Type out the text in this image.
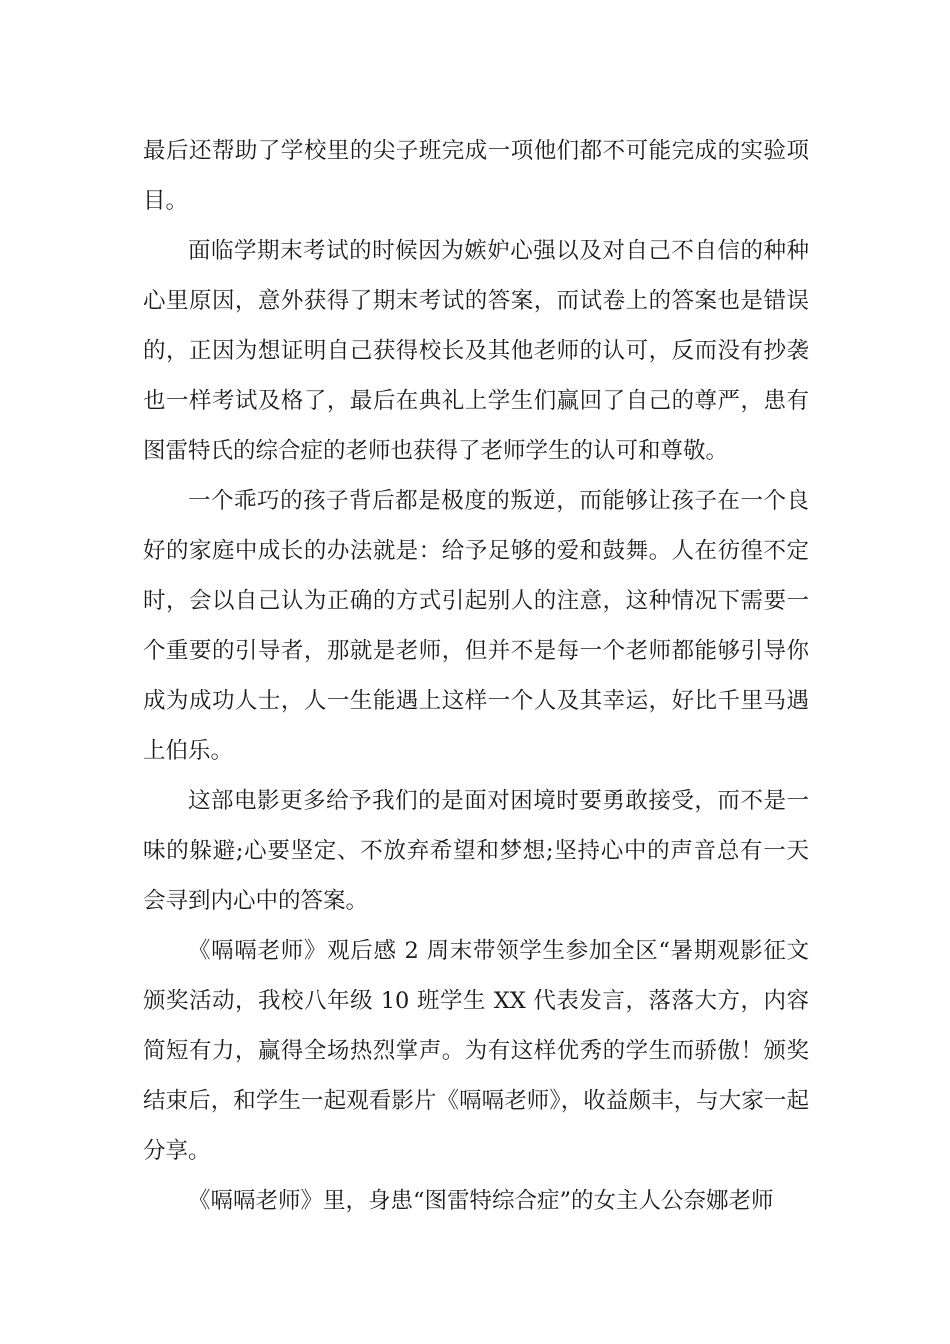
最后还帮助了学校里的尖子班完成一项他们都不可能完成的实验项目。

面临学期末考试的时候因为嫉妒心强以及对自己不自信的种种心里原因，意外获得了期末考试的答案，而试卷上的答案也是错误的，正因为想证明自己获得校长及其他老师的认可，反而没有抄袭也一样考试及格了，最后在典礼上学生们赢回了自己的尊严，患有图雷特氏的综合症的老师也获得了老师学生的认可和尊敬。

一个乖巧的孩子背后都是极度的叛逆，而能够让孩子在一个良好的家庭中成长的办法就是：给予足够的爱和鼓舞。人在彷徨不定时，会以自己认为正确的方式引起别人的注意，这种情况下需要一个重要的引导者，那就是老师，但并不是每一个老师都能够引导你成为成功人士，人一生能遇上这样一个人及其幸运，好比千里马遇上伯乐。

这部电影更多给予我们的是面对困境时要勇敢接受，而不是一味的躲避;心要坚定、不放弃希望和梦想;坚持心中的声音总有一天会寻到内心中的答案。

《嗝嗝老师》观后感 2 周末带领学生参加全区“暑期观影征文颁奖活动，我校八年级 10 班学生 XX 代表发言，落落大方，内容简短有力，赢得全场热烈掌声。为有这样优秀的学生而骄傲！颁奖结束后，和学生一起观看影片《嗝嗝老师》，收益颇丰，与大家一起分享。

《嗝嗝老师》里，身患“图雷特综合症”的女主人公奈娜老师
